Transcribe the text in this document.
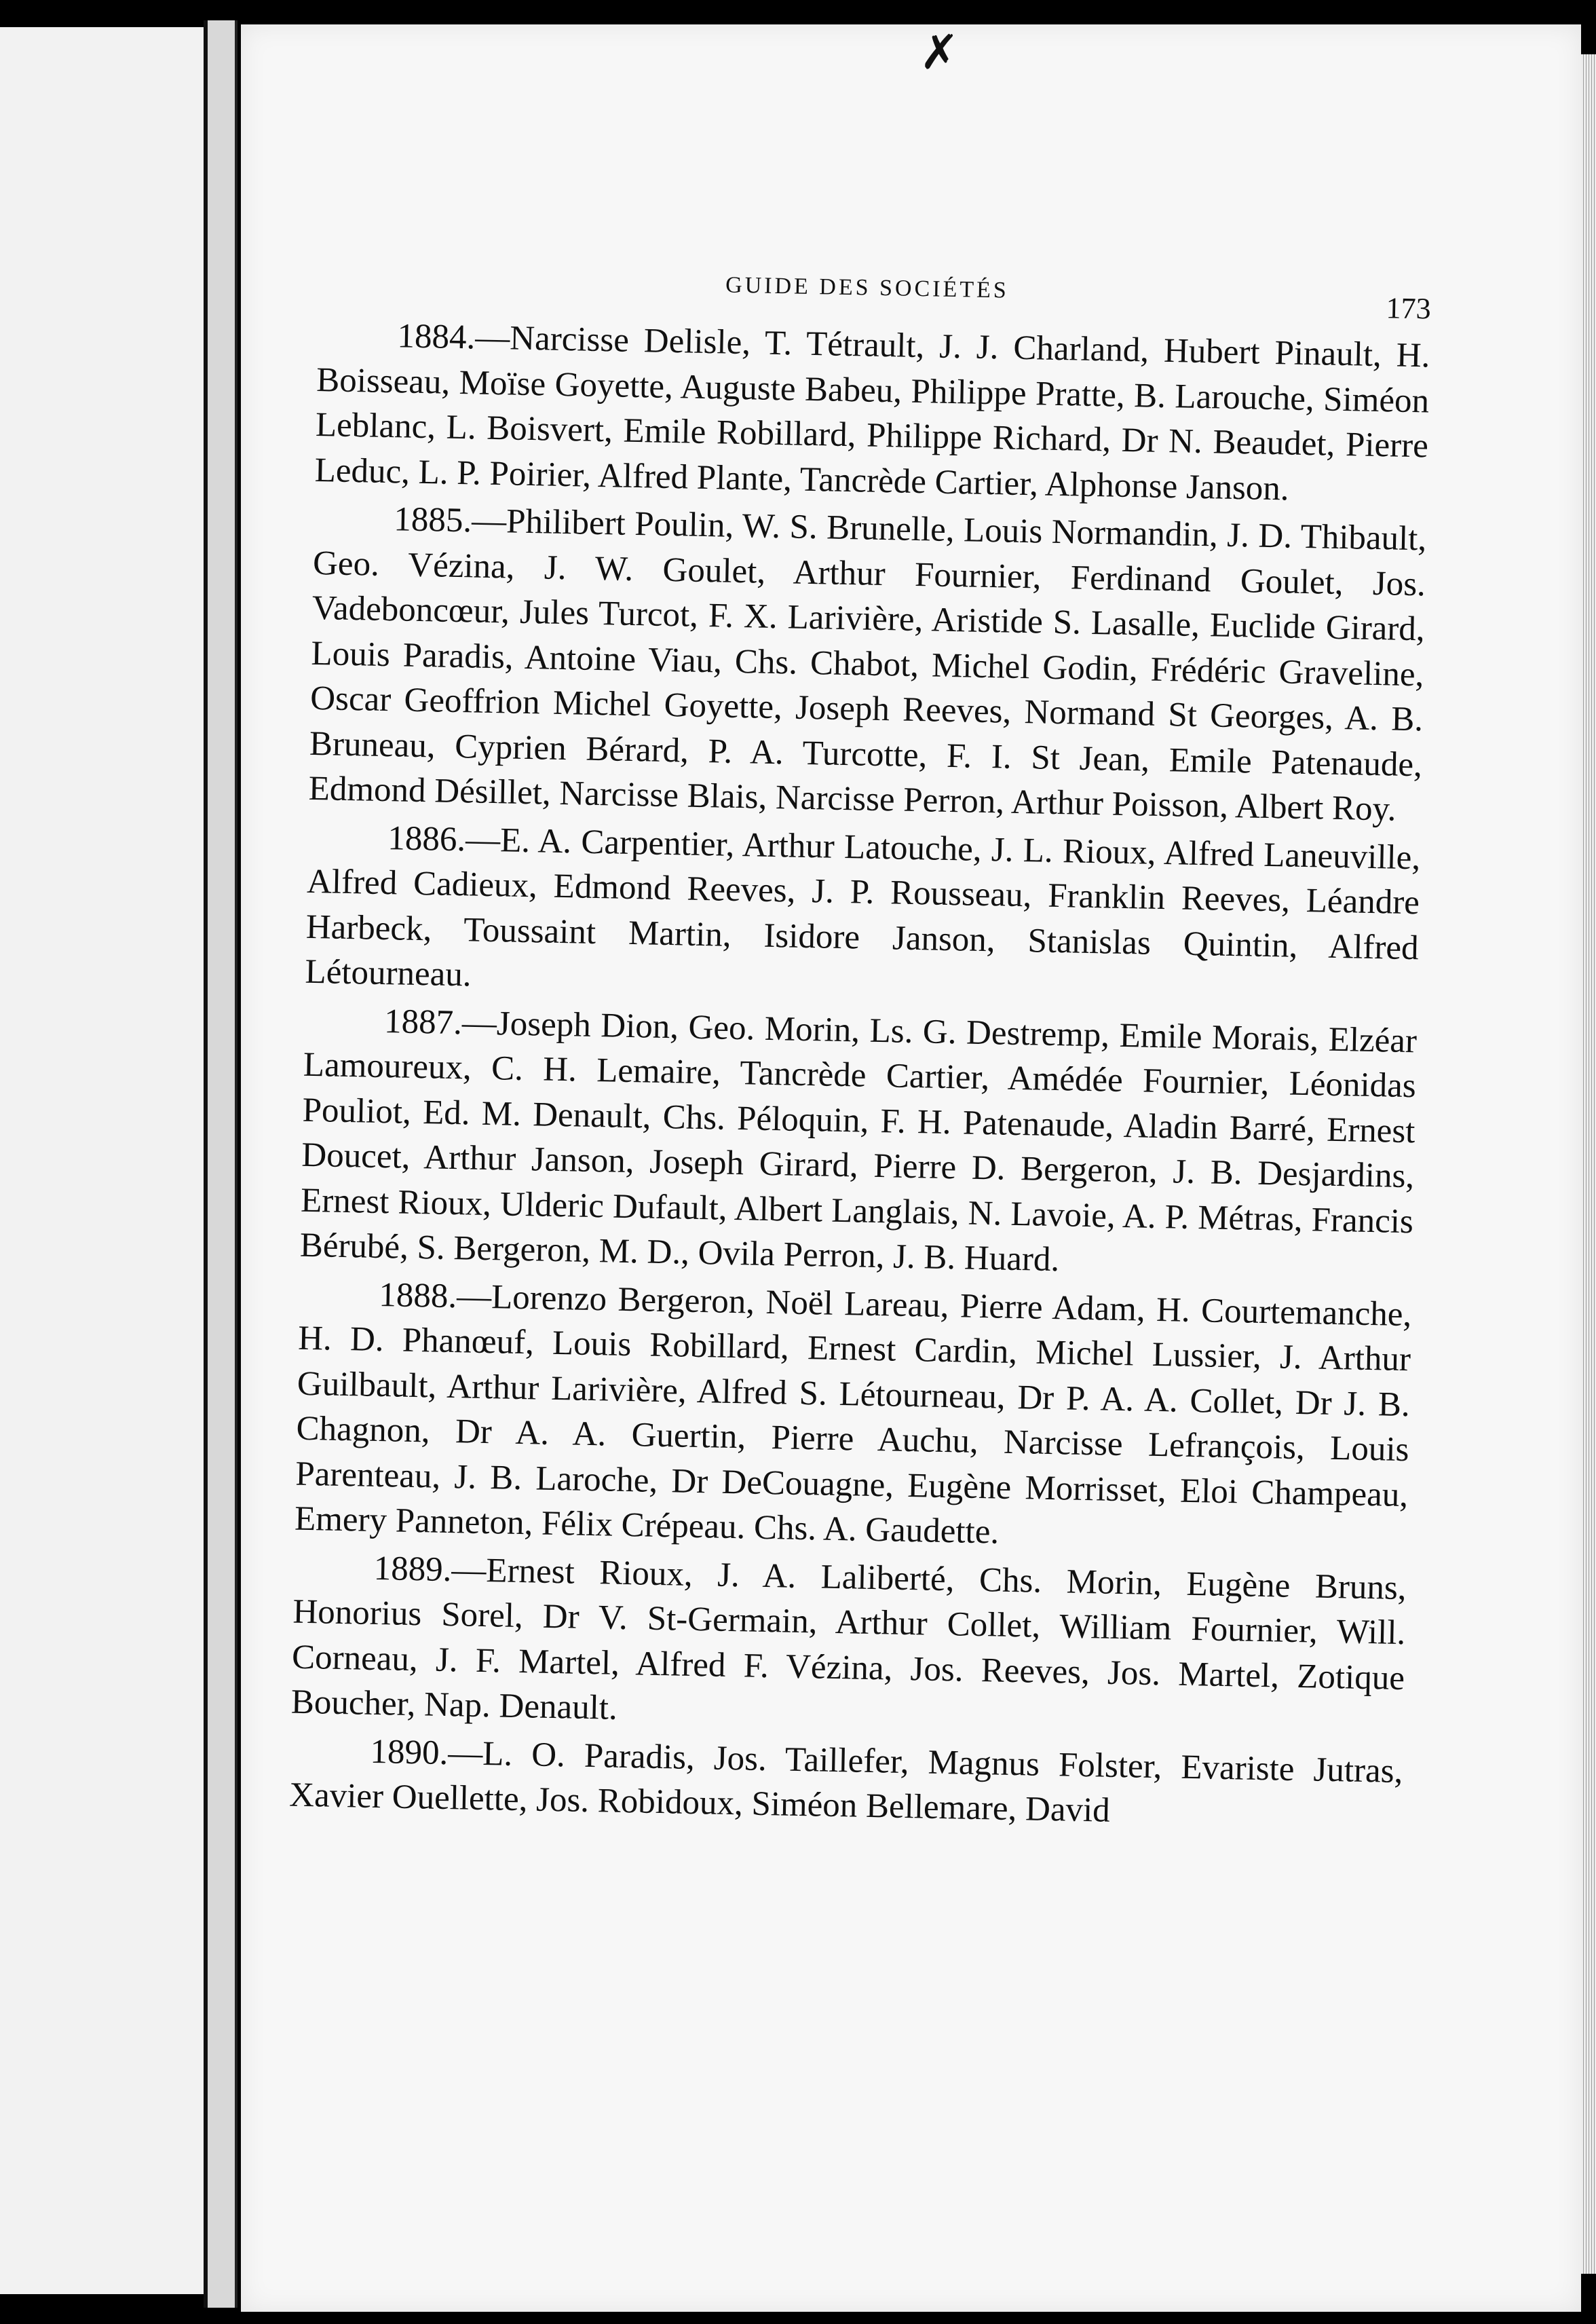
✗
GUIDE DES SOCIÉTÉS
173

1884.—Narcisse Delisle, T. Tétrault, J. J. Charland, Hubert Pinault, H. Boisseau, Moïse Goyette, Auguste Babeu, Philippe Pratte, B. Larouche, Siméon Leblanc, L. Boisvert, Emile Robillard, Philippe Richard, Dr N. Beaudet, Pierre Leduc, L. P. Poirier, Alfred Plante, Tancrède Cartier, Alphonse Janson.

1885.—Philibert Poulin, W. S. Brunelle, Louis Normandin, J. D. Thibault, Geo. Vézina, J. W. Goulet, Arthur Fournier, Ferdinand Goulet, Jos. Vadeboncœur, Jules Turcot, F. X. Larivière, Aristide S. Lasalle, Euclide Girard, Louis Paradis, Antoine Viau, Chs. Chabot, Michel Godin, Frédéric Graveline, Oscar Geoffrion Michel Goyette, Joseph Reeves, Normand St Georges, A. B. Bruneau, Cyprien Bérard, P. A. Turcotte, F. I. St Jean, Emile Patenaude, Edmond Désillet, Narcisse Blais, Narcisse Perron, Arthur Poisson, Albert Roy.

1886.—E. A. Carpentier, Arthur Latouche, J. L. Rioux, Alfred Laneuville, Alfred Cadieux, Edmond Reeves, J. P. Rousseau, Franklin Reeves, Léandre Harbeck, Toussaint Martin, Isidore Janson, Stanislas Quintin, Alfred Létourneau.

1887.—Joseph Dion, Geo. Morin, Ls. G. Destremp, Emile Morais, Elzéar Lamoureux, C. H. Lemaire, Tancrède Cartier, Amédée Fournier, Léonidas Pouliot, Ed. M. Denault, Chs. Péloquin, F. H. Patenaude, Aladin Barré, Ernest Doucet, Arthur Janson, Joseph Girard, Pierre D. Bergeron, J. B. Desjardins, Ernest Rioux, Ulderic Dufault, Albert Langlais, N. Lavoie, A. P. Métras, Francis Bérubé, S. Bergeron, M. D., Ovila Perron, J. B. Huard.

1888.—Lorenzo Bergeron, Noël Lareau, Pierre Adam, H. Courtemanche, H. D. Phanœuf, Louis Robillard, Ernest Cardin, Michel Lussier, J. Arthur Guilbault, Arthur Larivière, Alfred S. Létourneau, Dr P. A. A. Collet, Dr J. B. Chagnon, Dr A. A. Guertin, Pierre Auchu, Narcisse Lefrançois, Louis Parenteau, J. B. Laroche, Dr DeCouagne, Eugène Morrisset, Eloi Champeau, Emery Panneton, Félix Crépeau. Chs. A. Gaudette.

1889.—Ernest Rioux, J. A. Laliberté, Chs. Morin, Eugène Bruns, Honorius Sorel, Dr V. St-Germain, Arthur Collet, William Fournier, Will. Corneau, J. F. Martel, Alfred F. Vézina, Jos. Reeves, Jos. Martel, Zotique Boucher, Nap. Denault.

1890.—L. O. Paradis, Jos. Taillefer, Magnus Folster, Evariste Jutras, Xavier Ouellette, Jos. Robidoux, Siméon Bellemare, David
